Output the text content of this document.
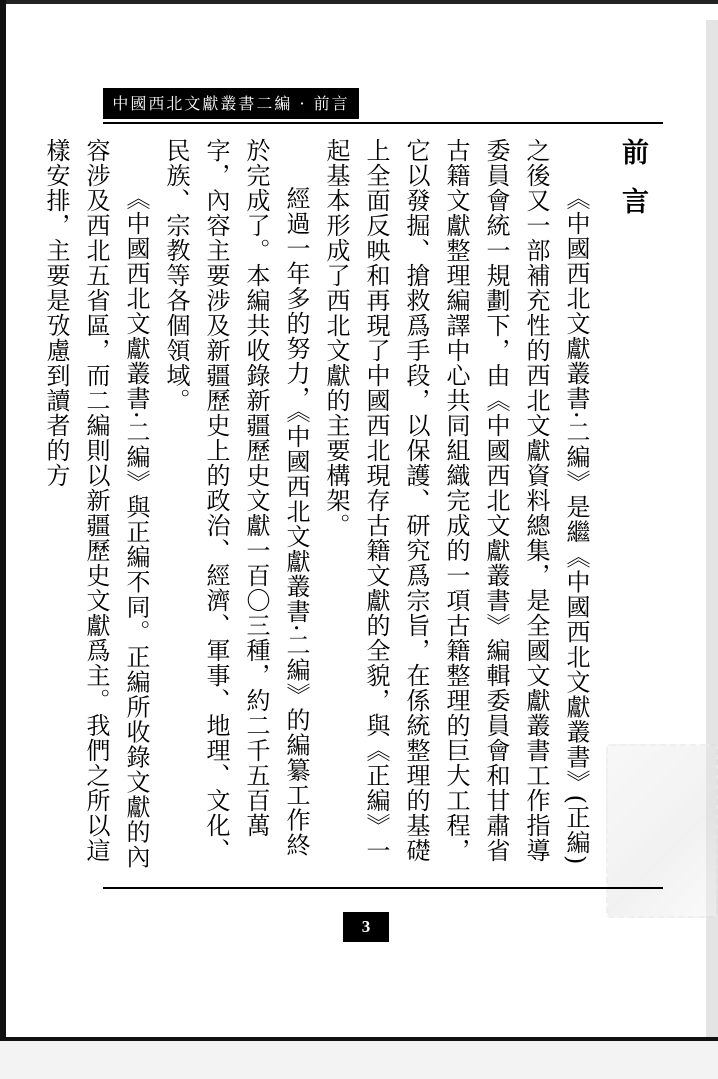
中國西北文獻叢書二編 · 前言
前言

《中國西北文獻叢書·二編》是繼《中國西北文獻叢書》(正編)之後又一部補充性的西北文獻資料總集，是全國文獻叢書工作指導委員會統一規劃下，由《中國西北文獻叢書》編輯委員會和甘肅省古籍文獻整理編譯中心共同組織完成的一項古籍整理的巨大工程，它以發掘、搶救爲手段，以保護、研究爲宗旨，在係統整理的基礎上全面反映和再現了中國西北現存古籍文獻的全貌，與《正編》一起基本形成了西北文獻的主要構架。

經過一年多的努力，《中國西北文獻叢書·二編》的編纂工作終於完成了。本編共收錄新疆歷史文獻一百〇三種，約二千五百萬字，內容主要涉及新疆歷史上的政治、經濟、軍事、地理、文化、民族、宗教等各個領域。

《中國西北文獻叢書·二編》與正編不同。正編所收錄文獻的內容涉及西北五省區，而二編則以新疆歷史文獻爲主。我們之所以這樣安排，主要是攷慮到讀者的方

3
